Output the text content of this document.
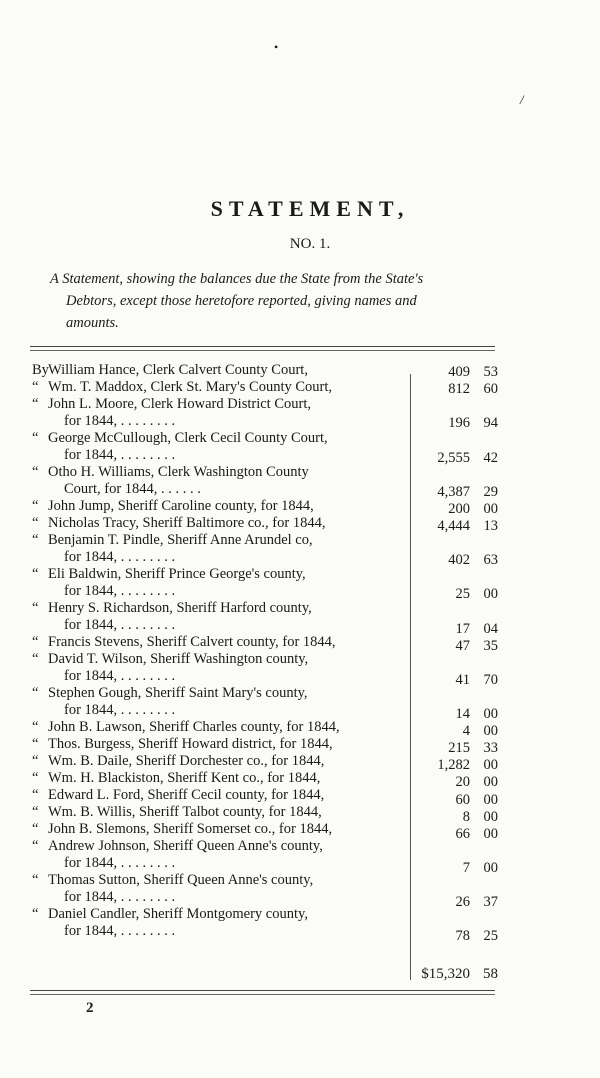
•
/
STATEMENT,
NO. 1.
A Statement, showing the balances due the State from the State's
Debtors, except those heretofore reported, giving names and
amounts.
ByWilliam Hance, Clerk Calvert County Court,
“ Wm. T. Maddox, Clerk St. Mary's County Court,
“ John L. Moore, Clerk Howard District Court,
for 1844, . . . . . . . .
“ George McCullough, Clerk Cecil County Court,
for 1844, . . . . . . . .
“ Otho H. Williams, Clerk Washington County
Court, for 1844, . . . . . .
“ John Jump, Sheriff Caroline county, for 1844,
“ Nicholas Tracy, Sheriff Baltimore co., for 1844,
“ Benjamin T. Pindle, Sheriff Anne Arundel co,
for 1844, . . . . . . . .
“ Eli Baldwin, Sheriff Prince George's county,
for 1844, . . . . . . . .
“ Henry S. Richardson, Sheriff Harford county,
for 1844, . . . . . . . .
“ Francis Stevens, Sheriff Calvert county, for 1844,
“ David T. Wilson, Sheriff Washington county,
for 1844, . . . . . . . .
“ Stephen Gough, Sheriff Saint Mary's county,
for 1844, . . . . . . . .
“ John B. Lawson, Sheriff Charles county, for 1844,
“ Thos. Burgess, Sheriff Howard district, for 1844,
“ Wm. B. Daile, Sheriff Dorchester co., for 1844,
“ Wm. H. Blackiston, Sheriff Kent co., for 1844,
“ Edward L. Ford, Sheriff Cecil county, for 1844,
“ Wm. B. Willis, Sheriff Talbot county, for 1844,
“ John B. Slemons, Sheriff Somerset co., for 1844,
“ Andrew Johnson, Sheriff Queen Anne's county,
for 1844, . . . . . . . .
“ Thomas Sutton, Sheriff Queen Anne's county,
for 1844, . . . . . . . .
“ Daniel Candler, Sheriff Montgomery county,
for 1844, . . . . . . . .
409 53
812 60
196 94
2,555 42
4,387 29
200 00
4,444 13
402 63
25 00
17 04
47 35
41 70
14 00
4 00
215 33
1,282 00
20 00
60 00
8 00
66 00
7 00
26 37
78 25
$15,320 58
2
